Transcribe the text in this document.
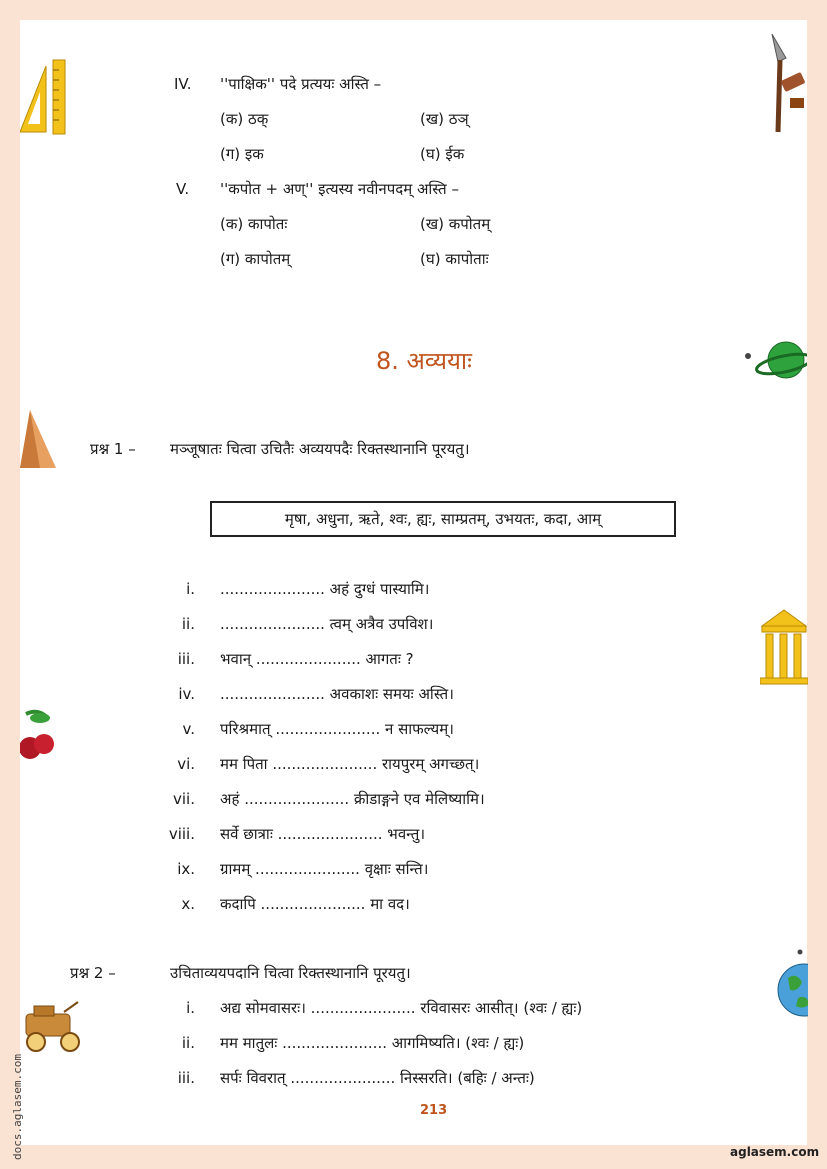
docs.aglasem.com
IV. ''पाक्षिक'' पदे प्रत्ययः अस्ति –
(क) ठक्	(ख) ठञ्
(ग) इक	(घ) ईक
V. ''कपोत + अण्'' इत्यस्य नवीनपदम् अस्ति –
(क) कापोतः	(ख) कपोतम्
(ग) कापोतम्	(घ) कापोताः
8. अव्ययाः
प्रश्न 1 – मञ्जूषातः चित्वा उचितैः अव्ययपदैः रिक्तस्थानानि पूरयतु।
मृषा, अधुना, ऋते, श्वः, ह्यः, साम्प्रतम्, उभयतः, कदा, आम्
i. ...................... अहं दुग्धं पास्यामि।
ii. ...................... त्वम् अत्रैव उपविश।
iii. भवान् ...................... आगतः ?
iv. ...................... अवकाशः समयः अस्ति।
v. परिश्रमात् ...................... न साफल्यम्।
vi. मम पिता ...................... रायपुरम् अगच्छत्।
vii. अहं ...................... क्रीडाङ्गने एव मेलिष्यामि।
viii. सर्वे छात्राः ...................... भवन्तु।
ix. ग्रामम् ...................... वृक्षाः सन्ति।
x. कदापि ...................... मा वद।
प्रश्न 2 –	उचिताव्ययपदानि चित्वा रिक्तस्थानानि पूरयतु।
i. अद्य सोमवासरः। ...................... रविवासरः आसीत्। (श्वः / ह्यः)
ii. मम मातुलः ...................... आगमिष्यति। (श्वः / ह्यः)
iii. सर्पः विवरात् ...................... निस्सरति। (बहिः / अन्तः)
213
aglasem.com
